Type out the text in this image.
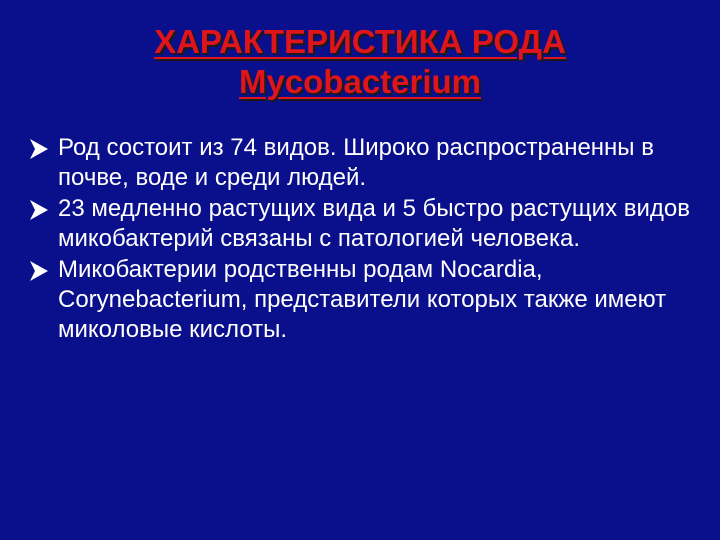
ХАРАКТЕРИСТИКА РОДА
Mycobacterium
Род состоит из 74 видов. Широко распространенны в почве, воде и среди людей.
23 медленно растущих вида и 5 быстро растущих видов микобактерий связаны с патологией человека.
Микобактерии родственны родам Nocardia, Corynebacterium, представители которых также имеют миколовые кислоты.
